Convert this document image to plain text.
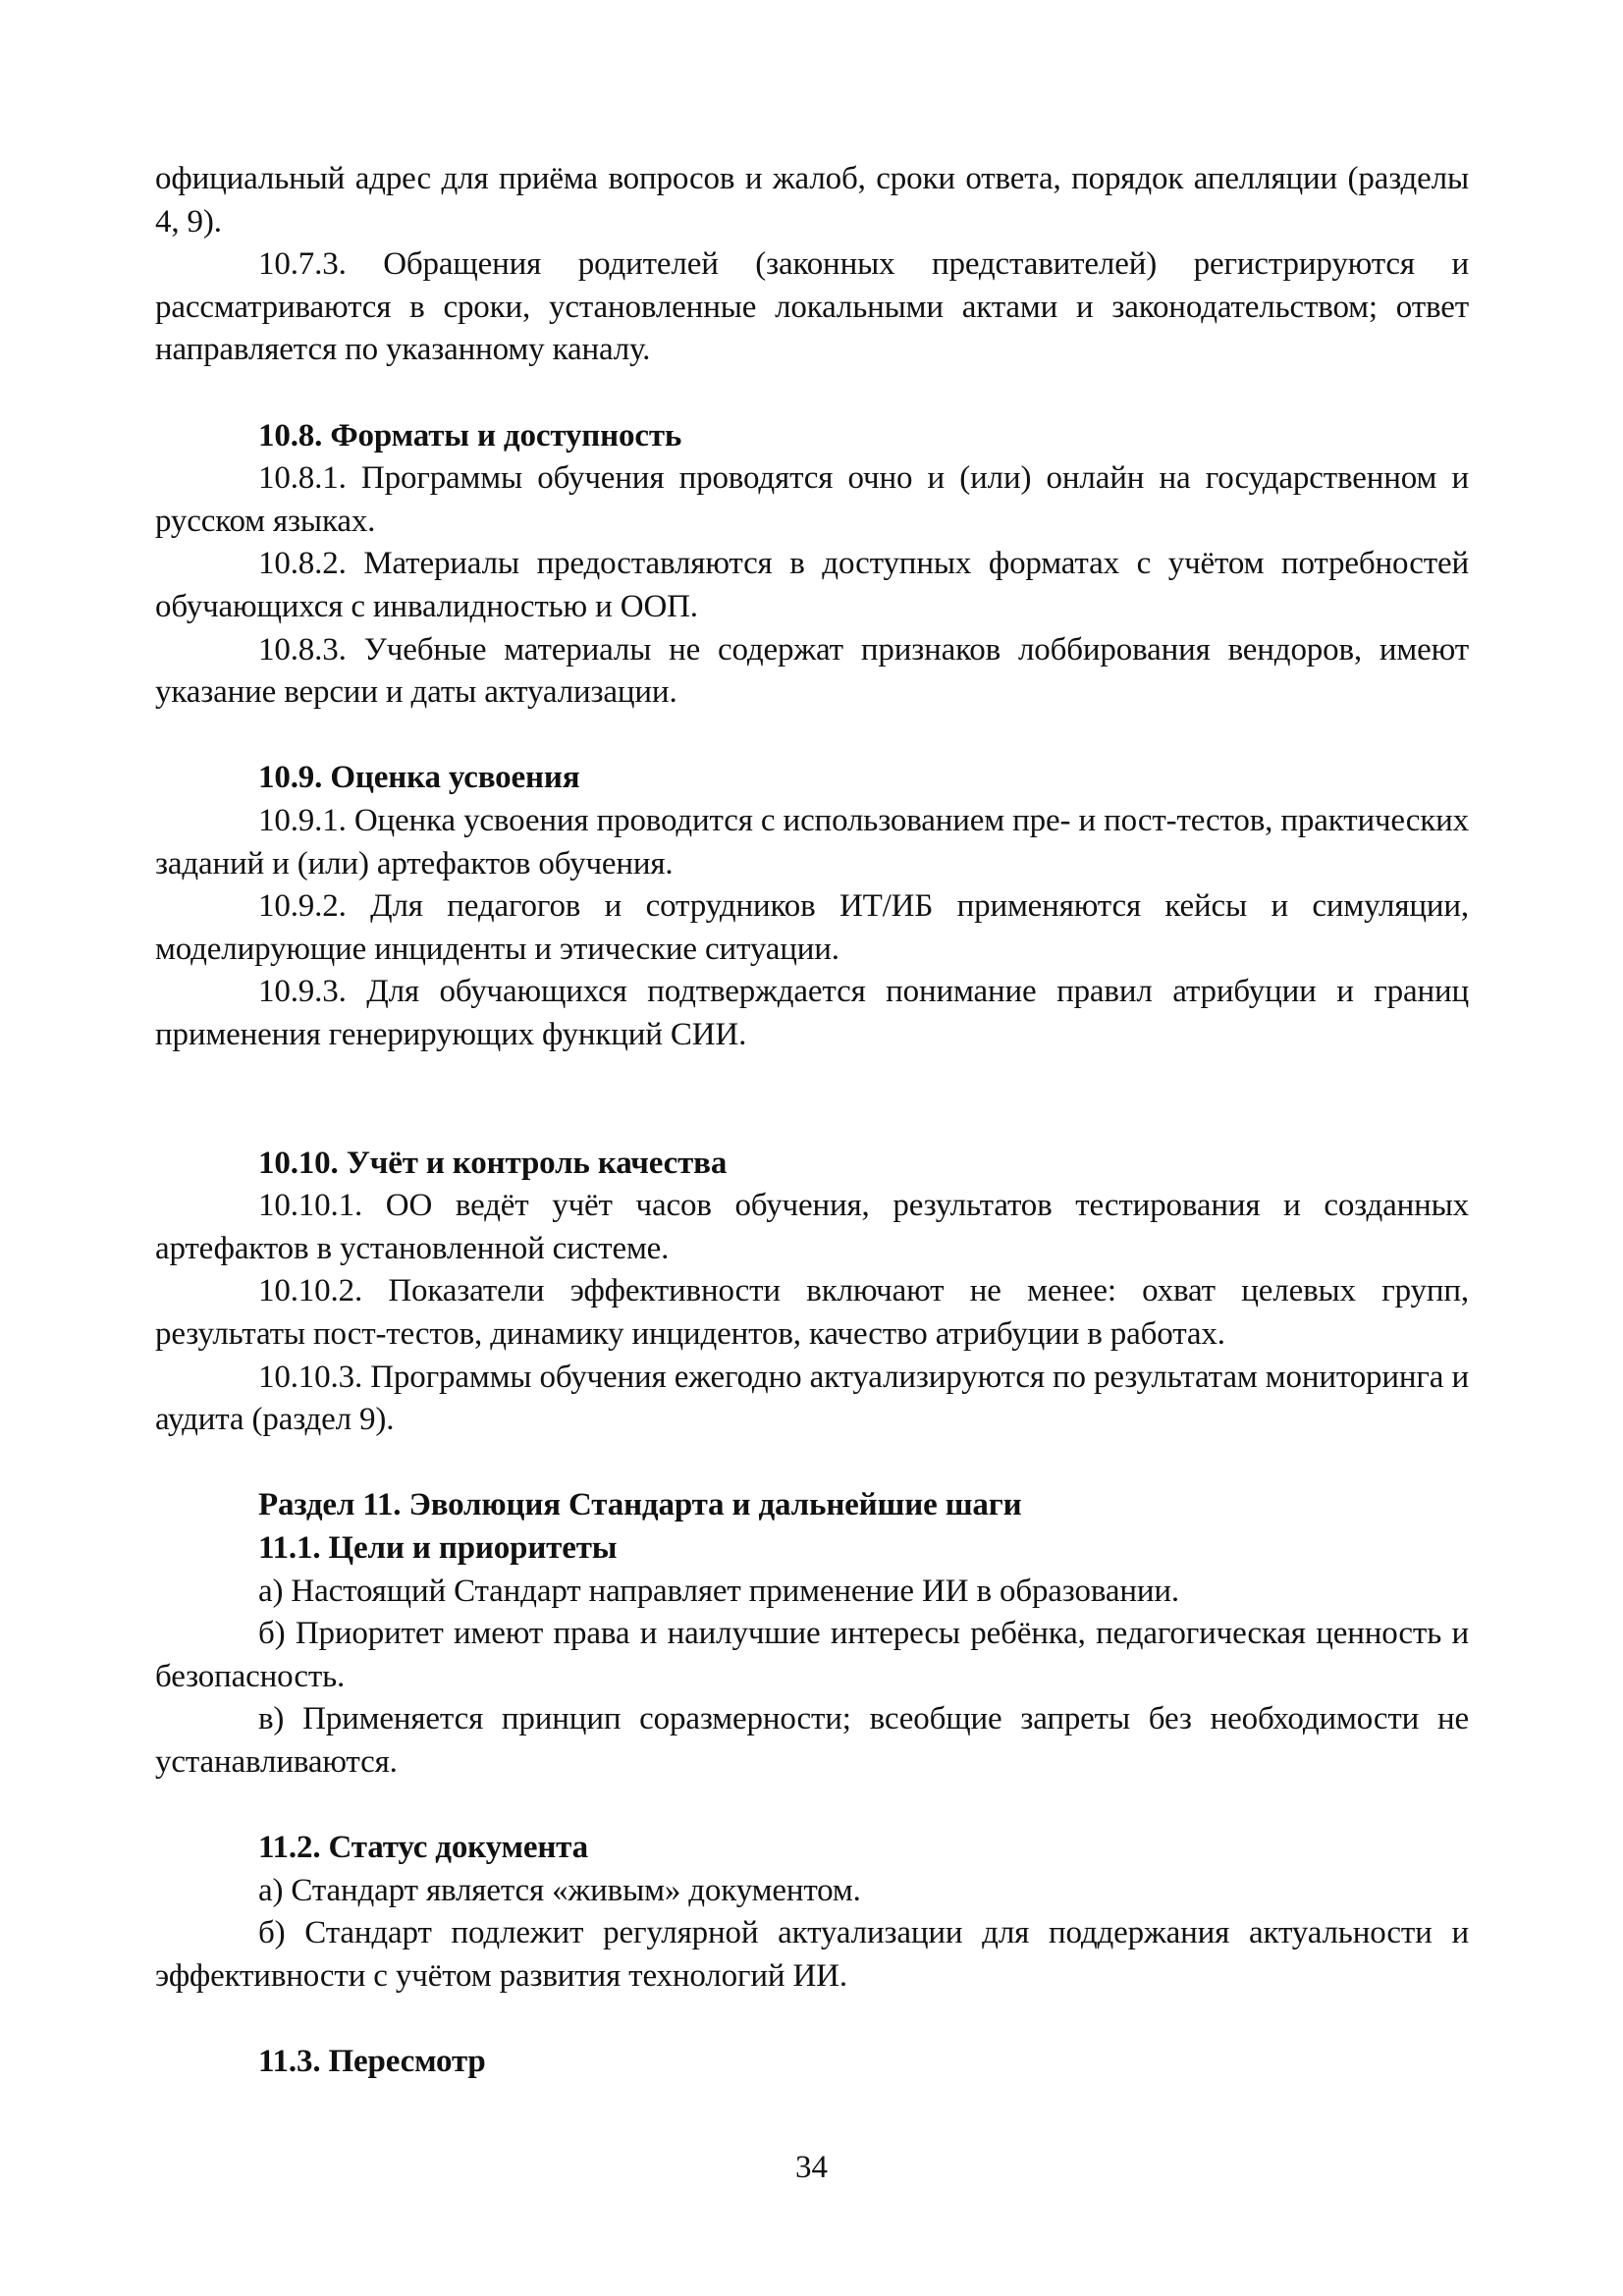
официальный адрес для приёма вопросов и жалоб, сроки ответа, порядок апелляции (разделы 4, 9).

10.7.3. Обращения родителей (законных представителей) регистрируются и рассматриваются в сроки, установленные локальными актами и законодательством; ответ направляется по указанному каналу.

10.8. Форматы и доступность

10.8.1. Программы обучения проводятся очно и (или) онлайн на государственном и русском языках.

10.8.2. Материалы предоставляются в доступных форматах с учётом потребностей обучающихся с инвалидностью и ООП.

10.8.3. Учебные материалы не содержат признаков лоббирования вендоров, имеют указание версии и даты актуализации.

10.9. Оценка усвоения

10.9.1. Оценка усвоения проводится с использованием пре- и пост-тестов, практических заданий и (или) артефактов обучения.

10.9.2. Для педагогов и сотрудников ИТ/ИБ применяются кейсы и симуляции, моделирующие инциденты и этические ситуации.

10.9.3. Для обучающихся подтверждается понимание правил атрибуции и границ применения генерирующих функций СИИ.

10.10. Учёт и контроль качества

10.10.1. ОО ведёт учёт часов обучения, результатов тестирования и созданных артефактов в установленной системе.

10.10.2. Показатели эффективности включают не менее: охват целевых групп, результаты пост-тестов, динамику инцидентов, качество атрибуции в работах.

10.10.3. Программы обучения ежегодно актуализируются по результатам мониторинга и аудита (раздел 9).

Раздел 11. Эволюция Стандарта и дальнейшие шаги

11.1. Цели и приоритеты

а) Настоящий Стандарт направляет применение ИИ в образовании.

б) Приоритет имеют права и наилучшие интересы ребёнка, педагогическая ценность и безопасность.

в) Применяется принцип соразмерности; всеобщие запреты без необходимости не устанавливаются.

11.2. Статус документа

а) Стандарт является «живым» документом.

б) Стандарт подлежит регулярной актуализации для поддержания актуальности и эффективности с учётом развития технологий ИИ.

11.3. Пересмотр

34
